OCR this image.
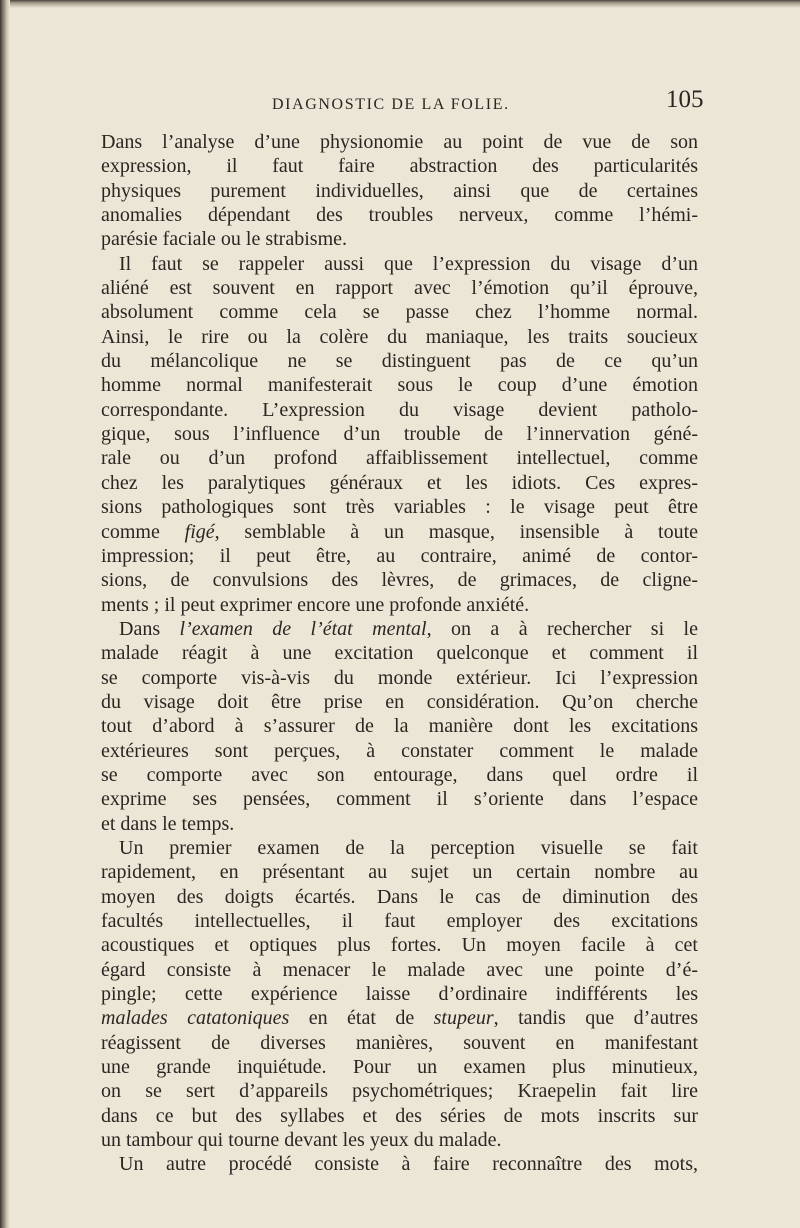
DIAGNOSTIC DE LA FOLIE.	105
Dans l’analyse d’une physionomie au point de vue de son
expression, il faut faire abstraction des particularités
physiques purement individuelles, ainsi que de certaines
anomalies dépendant des troubles nerveux, comme l’hémi-
parésie faciale ou le strabisme.
Il faut se rappeler aussi que l’expression du visage d’un
aliéné est souvent en rapport avec l’émotion qu’il éprouve,
absolument comme cela se passe chez l’homme normal.
Ainsi, le rire ou la colère du maniaque, les traits soucieux
du mélancolique ne se distinguent pas de ce qu’un
homme normal manifesterait sous le coup d’une émotion
correspondante. L’expression du visage devient patholo-
gique, sous l’influence d’un trouble de l’innervation géné-
rale ou d’un profond affaiblissement intellectuel, comme
chez les paralytiques généraux et les idiots. Ces expres-
sions pathologiques sont très variables : le visage peut être
comme figé, semblable à un masque, insensible à toute
impression; il peut être, au contraire, animé de contor-
sions, de convulsions des lèvres, de grimaces, de cligne-
ments ; il peut exprimer encore une profonde anxiété.
Dans l’examen de l’état mental, on a à rechercher si le
malade réagit à une excitation quelconque et comment il
se comporte vis-à-vis du monde extérieur. Ici l’expression
du visage doit être prise en considération. Qu’on cherche
tout d’abord à s’assurer de la manière dont les excitations
extérieures sont perçues, à constater comment le malade
se comporte avec son entourage, dans quel ordre il
exprime ses pensées, comment il s’oriente dans l’espace
et dans le temps.
Un premier examen de la perception visuelle se fait
rapidement, en présentant au sujet un certain nombre au
moyen des doigts écartés. Dans le cas de diminution des
facultés intellectuelles, il faut employer des excitations
acoustiques et optiques plus fortes. Un moyen facile à cet
égard consiste à menacer le malade avec une pointe d’é-
pingle; cette expérience laisse d’ordinaire indifférents les
malades catatoniques en état de stupeur, tandis que d’autres
réagissent de diverses manières, souvent en manifestant
une grande inquiétude. Pour un examen plus minutieux,
on se sert d’appareils psychométriques; Kraepelin fait lire
dans ce but des syllabes et des séries de mots inscrits sur
un tambour qui tourne devant les yeux du malade.
Un autre procédé consiste à faire reconnaître des mots,
